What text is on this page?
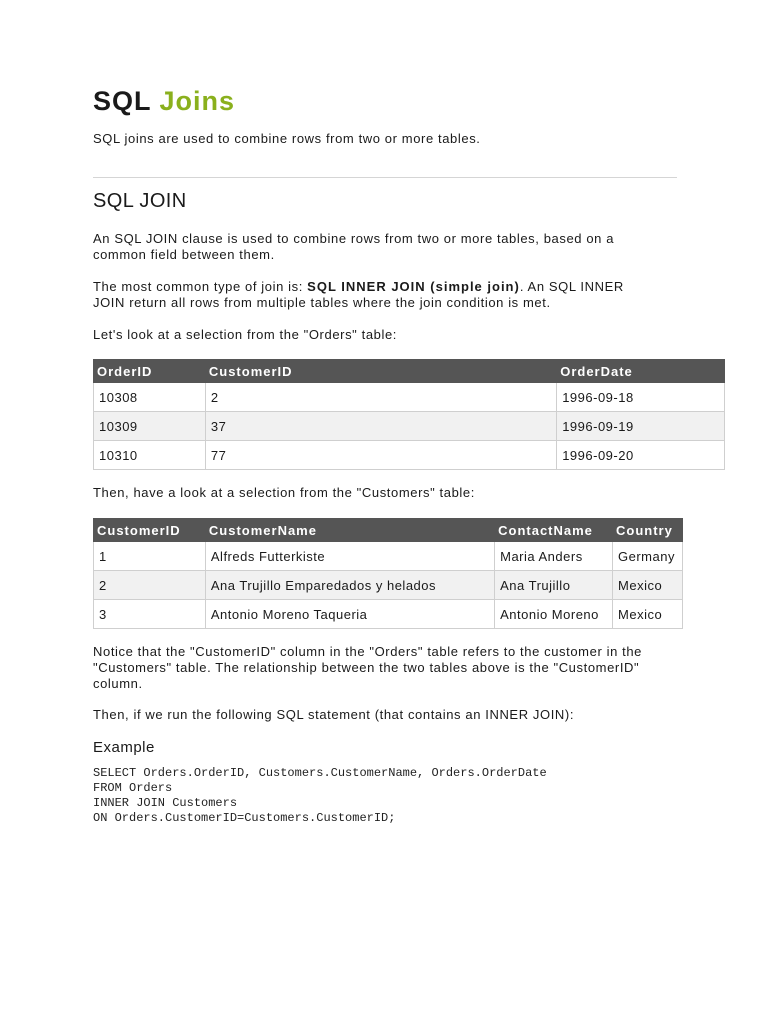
SQL Joins

SQL joins are used to combine rows from two or more tables.

SQL JOIN

An SQL JOIN clause is used to combine rows from two or more tables, based on a common field between them.

The most common type of join is: SQL INNER JOIN (simple join). An SQL INNER JOIN return all rows from multiple tables where the join condition is met.

Let's look at a selection from the "Orders" table:

OrderID	CustomerID	OrderDate
10308	2	1996-09-18
10309	37	1996-09-19
10310	77	1996-09-20

Then, have a look at a selection from the "Customers" table:

CustomerID	CustomerName	ContactName	Country
1	Alfreds Futterkiste	Maria Anders	Germany
2	Ana Trujillo Emparedados y helados	Ana Trujillo	Mexico
3	Antonio Moreno Taqueria	Antonio Moreno	Mexico

Notice that the "CustomerID" column in the "Orders" table refers to the customer in the "Customers" table. The relationship between the two tables above is the "CustomerID" column.

Then, if we run the following SQL statement (that contains an INNER JOIN):

Example
SELECT Orders.OrderID, Customers.CustomerName, Orders.OrderDate
FROM Orders
INNER JOIN Customers
ON Orders.CustomerID=Customers.CustomerID;
